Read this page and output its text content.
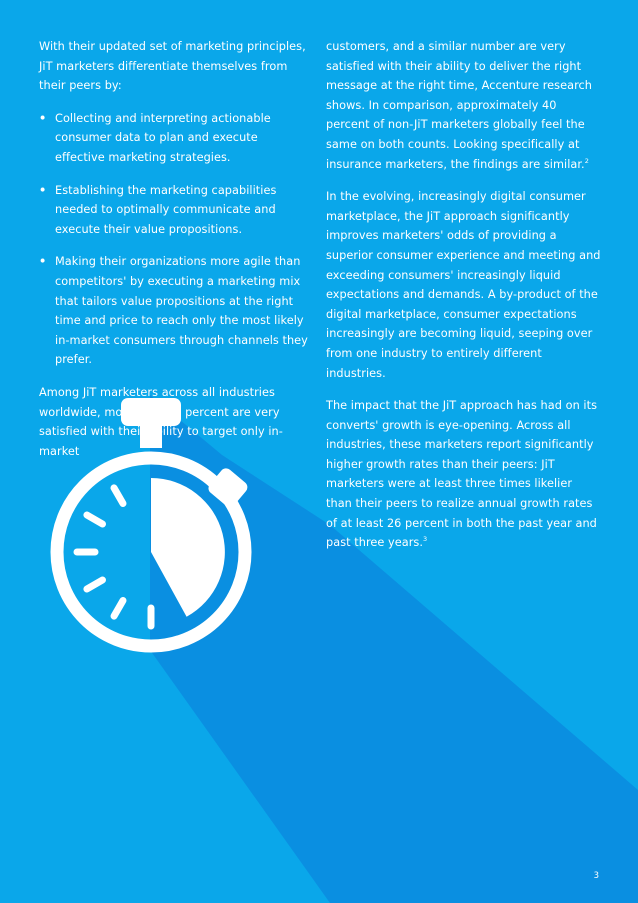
With their updated set of marketing principles, JiT marketers differentiate themselves from their peers by:

• Collecting and interpreting actionable consumer data to plan and execute effective marketing strategies.
• Establishing the marketing capabilities needed to optimally communicate and execute their value propositions.
• Making their organizations more agile than competitors' by executing a marketing mix that tailors value propositions at the right time and price to reach only the most likely in-market consumers through channels they prefer.

Among JiT marketers across all industries worldwide, more than 60 percent are very satisfied with their ability to target only in-market

customers, and a similar number are very satisfied with their ability to deliver the right message at the right time, Accenture research shows. In comparison, approximately 40 percent of non-JiT marketers globally feel the same on both counts. Looking specifically at insurance marketers, the findings are similar.$^2$

In the evolving, increasingly digital consumer marketplace, the JiT approach significantly improves marketers' odds of providing a superior consumer experience and meeting and exceeding consumers' increasingly liquid expectations and demands. A by-product of the digital marketplace, consumer expectations increasingly are becoming liquid, seeping over from one industry to entirely different industries.

The impact that the JiT approach has had on its converts' growth is eye-opening. Across all industries, these marketers report significantly higher growth rates than their peers: JiT marketers were at least three times likelier than their peers to realize annual growth rates of at least 26 percent in both the past year and past three years.$^3$

3
